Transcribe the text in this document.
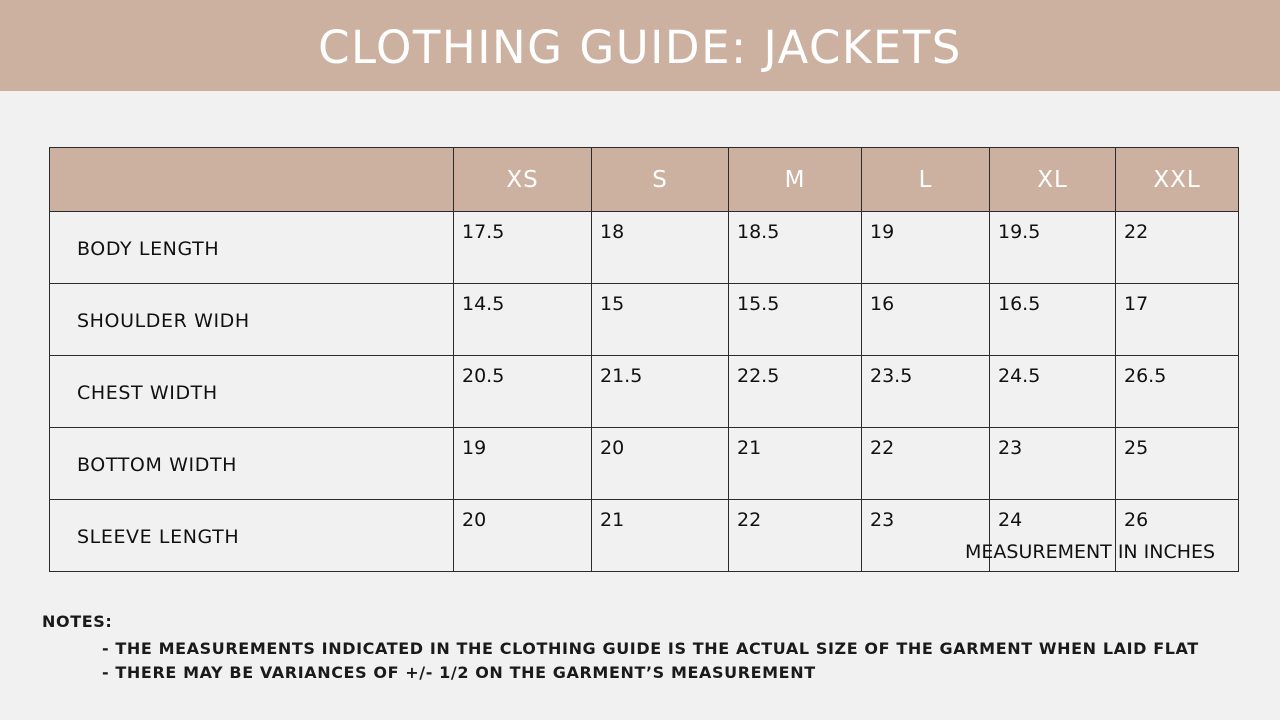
CLOTHING GUIDE: JACKETS
	XS	S	M	L	XL	XXL
BODY LENGTH	17.5	18	18.5	19	19.5	22
SHOULDER WIDH	14.5	15	15.5	16	16.5	17
CHEST WIDTH	20.5	21.5	22.5	23.5	24.5	26.5
BOTTOM WIDTH	19	20	21	22	23	25
SLEEVE LENGTH	20	21	22	23	24	26
MEASUREMENT IN INCHES
NOTES:
- THE MEASUREMENTS INDICATED IN THE CLOTHING GUIDE IS THE ACTUAL SIZE OF THE GARMENT WHEN LAID FLAT
- THERE MAY BE VARIANCES OF +/- 1/2 ON THE GARMENT’S MEASUREMENT
